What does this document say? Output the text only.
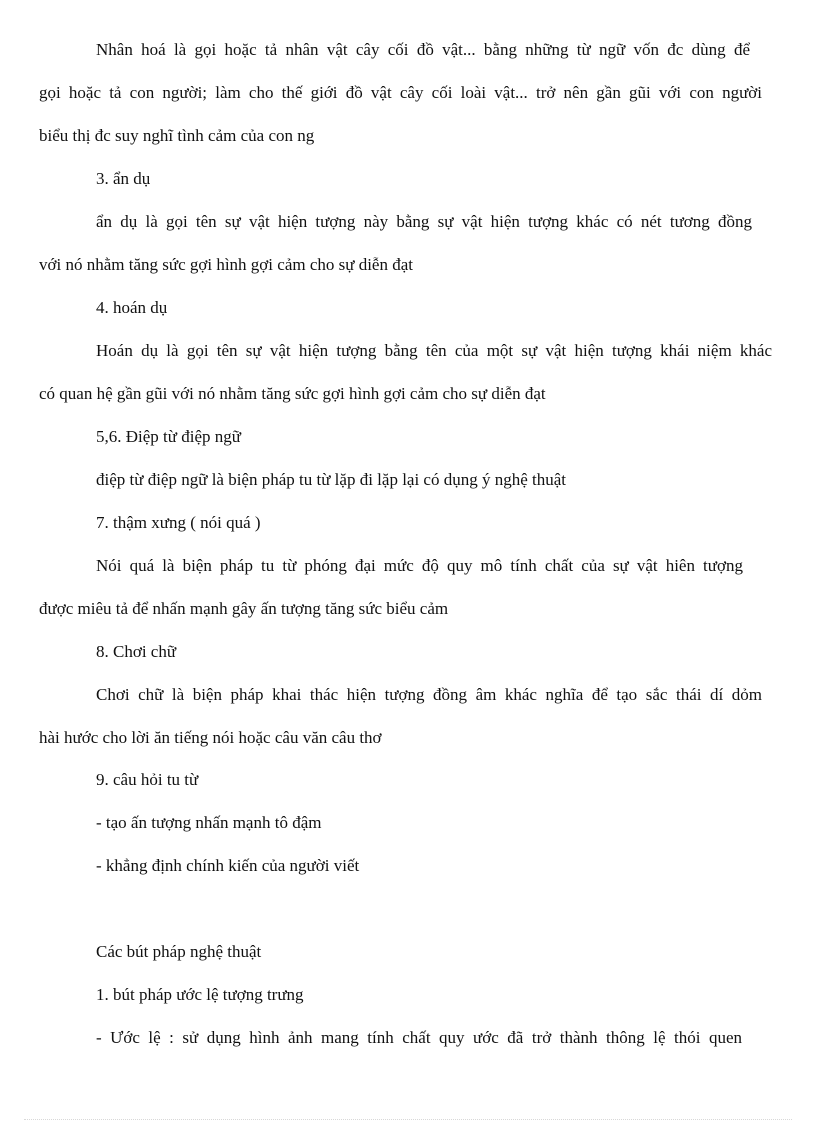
Nhân hoá là gọi hoặc tả nhân vật cây cối đồ vật... bằng những từ ngữ vốn đc dùng để
gọi hoặc tả con người; làm cho thế giới đồ vật cây cối loài vật... trở nên gần gũi với con người
biểu thị đc suy nghĩ tình cảm của con ng
3. ẩn dụ
ẩn dụ là gọi tên sự vật hiện tượng này bằng sự vật hiện tượng khác có nét tương đồng
với nó nhằm tăng sức gợi hình gợi cảm cho sự diễn đạt
4. hoán dụ
Hoán dụ là gọi tên sự vật hiện tượng bằng tên của một sự vật hiện tượng khái niệm khác
có quan hệ gần gũi với nó nhằm tăng sức gợi hình gợi cảm cho sự diễn đạt
5,6. Điệp từ điệp ngữ
điệp từ điệp ngữ là biện pháp tu từ lặp đi lặp lại có dụng ý nghệ thuật
7. thậm xưng ( nói quá )
Nói quá là biện pháp tu từ phóng đại mức độ quy mô tính chất của sự vật hiên tượng
được miêu tả để nhấn mạnh gây ấn tượng tăng sức biểu cảm
8. Chơi chữ
Chơi chữ là biện pháp khai thác hiện tượng đồng âm khác nghĩa để tạo sắc thái dí dỏm
hài hước cho lời ăn tiếng nói hoặc câu văn câu thơ
9. câu hỏi tu từ
- tạo ấn tượng nhấn mạnh tô đậm
- khẳng định chính kiến của người viết
Các bút pháp nghệ thuật
1. bút pháp ước lệ tượng trưng
- Ước lệ : sử dụng hình ảnh mang tính chất quy ước đã trở thành thông lệ thói quen
